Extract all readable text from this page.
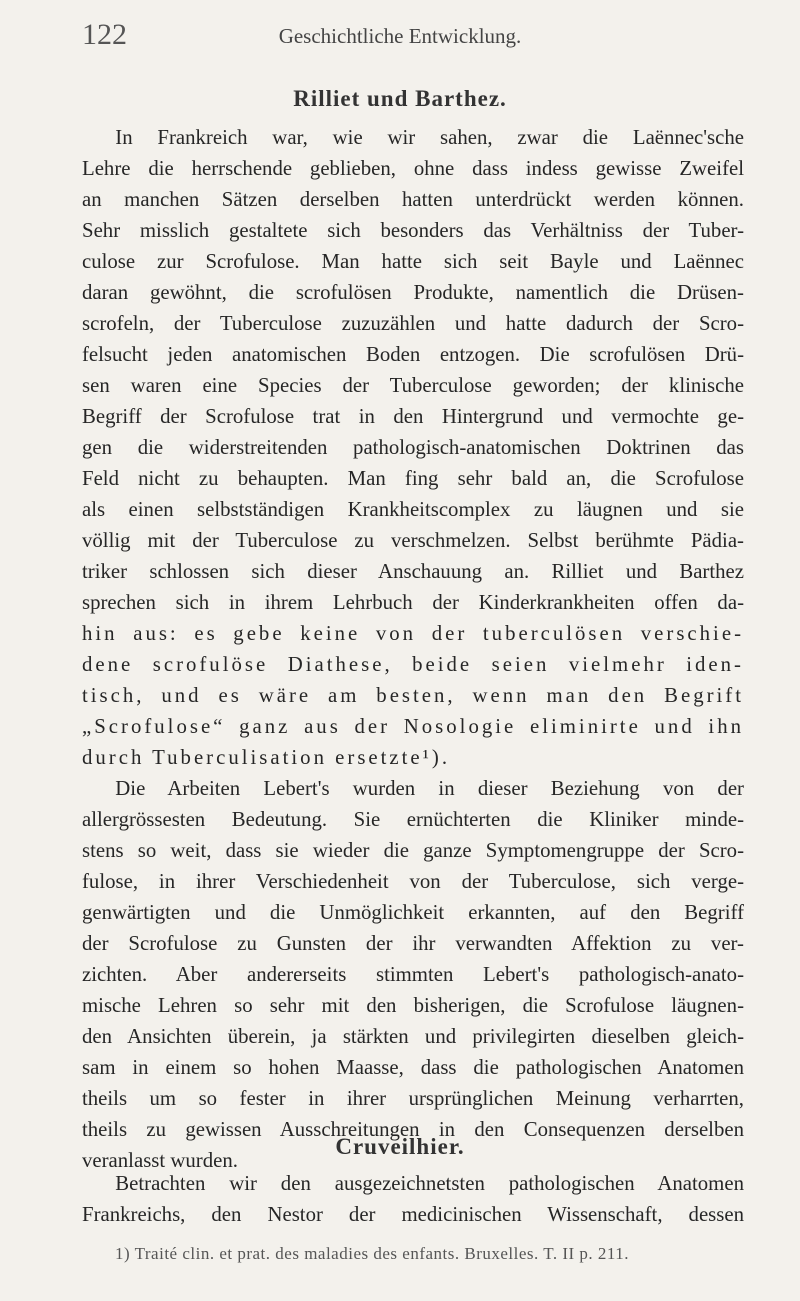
122	Geschichtliche Entwicklung.
Rilliet und Barthez.
In Frankreich war, wie wir sahen, zwar die Laënnec'sche
Lehre die herrschende geblieben, ohne dass indess gewisse Zweifel
an manchen Sätzen derselben hatten unterdrückt werden können.
Sehr misslich gestaltete sich besonders das Verhältniss der Tuber-
culose zur Scrofulose. Man hatte sich seit Bayle und Laënnec
daran gewöhnt, die scrofulösen Produkte, namentlich die Drüsen-
scrofeln, der Tuberculose zuzuzählen und hatte dadurch der Scro-
felsucht jeden anatomischen Boden entzogen. Die scrofulösen Drü-
sen waren eine Species der Tuberculose geworden; der klinische
Begriff der Scrofulose trat in den Hintergrund und vermochte ge-
gen die widerstreitenden pathologisch-anatomischen Doktrinen das
Feld nicht zu behaupten. Man fing sehr bald an, die Scrofulose
als einen selbstständigen Krankheitscomplex zu läugnen und sie
völlig mit der Tuberculose zu verschmelzen. Selbst berühmte Pädia-
triker schlossen sich dieser Anschauung an. Rilliet und Barthez
sprechen sich in ihrem Lehrbuch der Kinderkrankheiten offen da-
hin aus: es gebe keine von der tuberculösen verschie-
dene scrofulöse Diathese, beide seien vielmehr iden-
tisch, und es wäre am besten, wenn man den Begrift
„Scrofulose“ ganz aus der Nosologie eliminirte und ihn
durch Tuberculisation ersetzte¹).
Die Arbeiten Lebert's wurden in dieser Beziehung von der
allergrössesten Bedeutung. Sie ernüchterten die Kliniker minde-
stens so weit, dass sie wieder die ganze Symptomengruppe der Scro-
fulose, in ihrer Verschiedenheit von der Tuberculose, sich verge-
genwärtigten und die Unmöglichkeit erkannten, auf den Begriff
der Scrofulose zu Gunsten der ihr verwandten Affektion zu ver-
zichten. Aber andererseits stimmten Lebert's pathologisch-anato-
mische Lehren so sehr mit den bisherigen, die Scrofulose läugnen-
den Ansichten überein, ja stärkten und privilegirten dieselben gleich-
sam in einem so hohen Maasse, dass die pathologischen Anatomen
theils um so fester in ihrer ursprünglichen Meinung verharrten,
theils zu gewissen Ausschreitungen in den Consequenzen derselben
veranlasst wurden.
Cruveilhier.
Betrachten wir den ausgezeichnetsten pathologischen Anatomen
Frankreichs, den Nestor der medicinischen Wissenschaft, dessen
1) Traité clin. et prat. des maladies des enfants. Bruxelles. T. II p. 211.
